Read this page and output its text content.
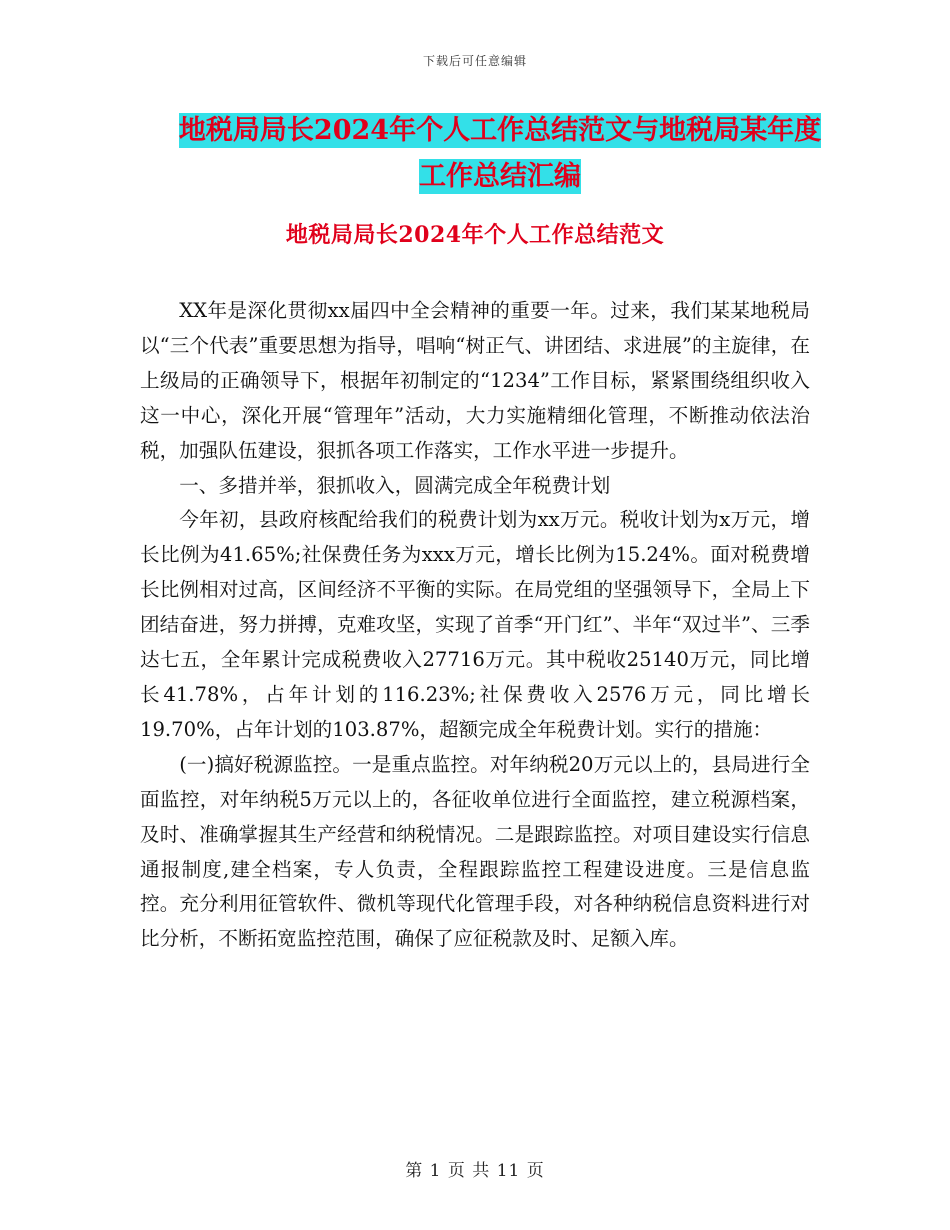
下载后可任意编辑
地税局局长2024年个人工作总结范文与地税局某年度
工作总结汇编
地税局局长2024年个人工作总结范文

XX年是深化贯彻xx届四中全会精神的重要一年。过来，我们某某地税局以“三个代表”重要思想为指导，唱响“树正气、讲团结、求进展”的主旋律，在上级局的正确领导下，根据年初制定的“1234”工作目标，紧紧围绕组织收入这一中心，深化开展“管理年”活动，大力实施精细化管理，不断推动依法治税，加强队伍建设，狠抓各项工作落实，工作水平进一步提升。

一、多措并举，狠抓收入，圆满完成全年税费计划

今年初，县政府核配给我们的税费计划为xx万元。税收计划为x万元，增长比例为41.65%;社保费任务为xxx万元，增长比例为15.24%。面对税费增长比例相对过高，区间经济不平衡的实际。在局党组的坚强领导下，全局上下团结奋进，努力拼搏，克难攻坚，实现了首季“开门红”、半年“双过半”、三季达七五，全年累计完成税费收入27716万元。其中税收25140万元，同比增长41.78%，占年计划的116.23%;社保费收入2576万元，同比增长19.70%，占年计划的103.87%，超额完成全年税费计划。实行的措施：

(一)搞好税源监控。一是重点监控。对年纳税20万元以上的，县局进行全面监控，对年纳税5万元以上的，各征收单位进行全面监控，建立税源档案，及时、准确掌握其生产经营和纳税情况。二是跟踪监控。对项目建设实行信息通报制度,建全档案，专人负责，全程跟踪监控工程建设进度。三是信息监控。充分利用征管软件、微机等现代化管理手段，对各种纳税信息资料进行对比分析，不断拓宽监控范围，确保了应征税款及时、足额入库。

第 1 页 共 11 页
